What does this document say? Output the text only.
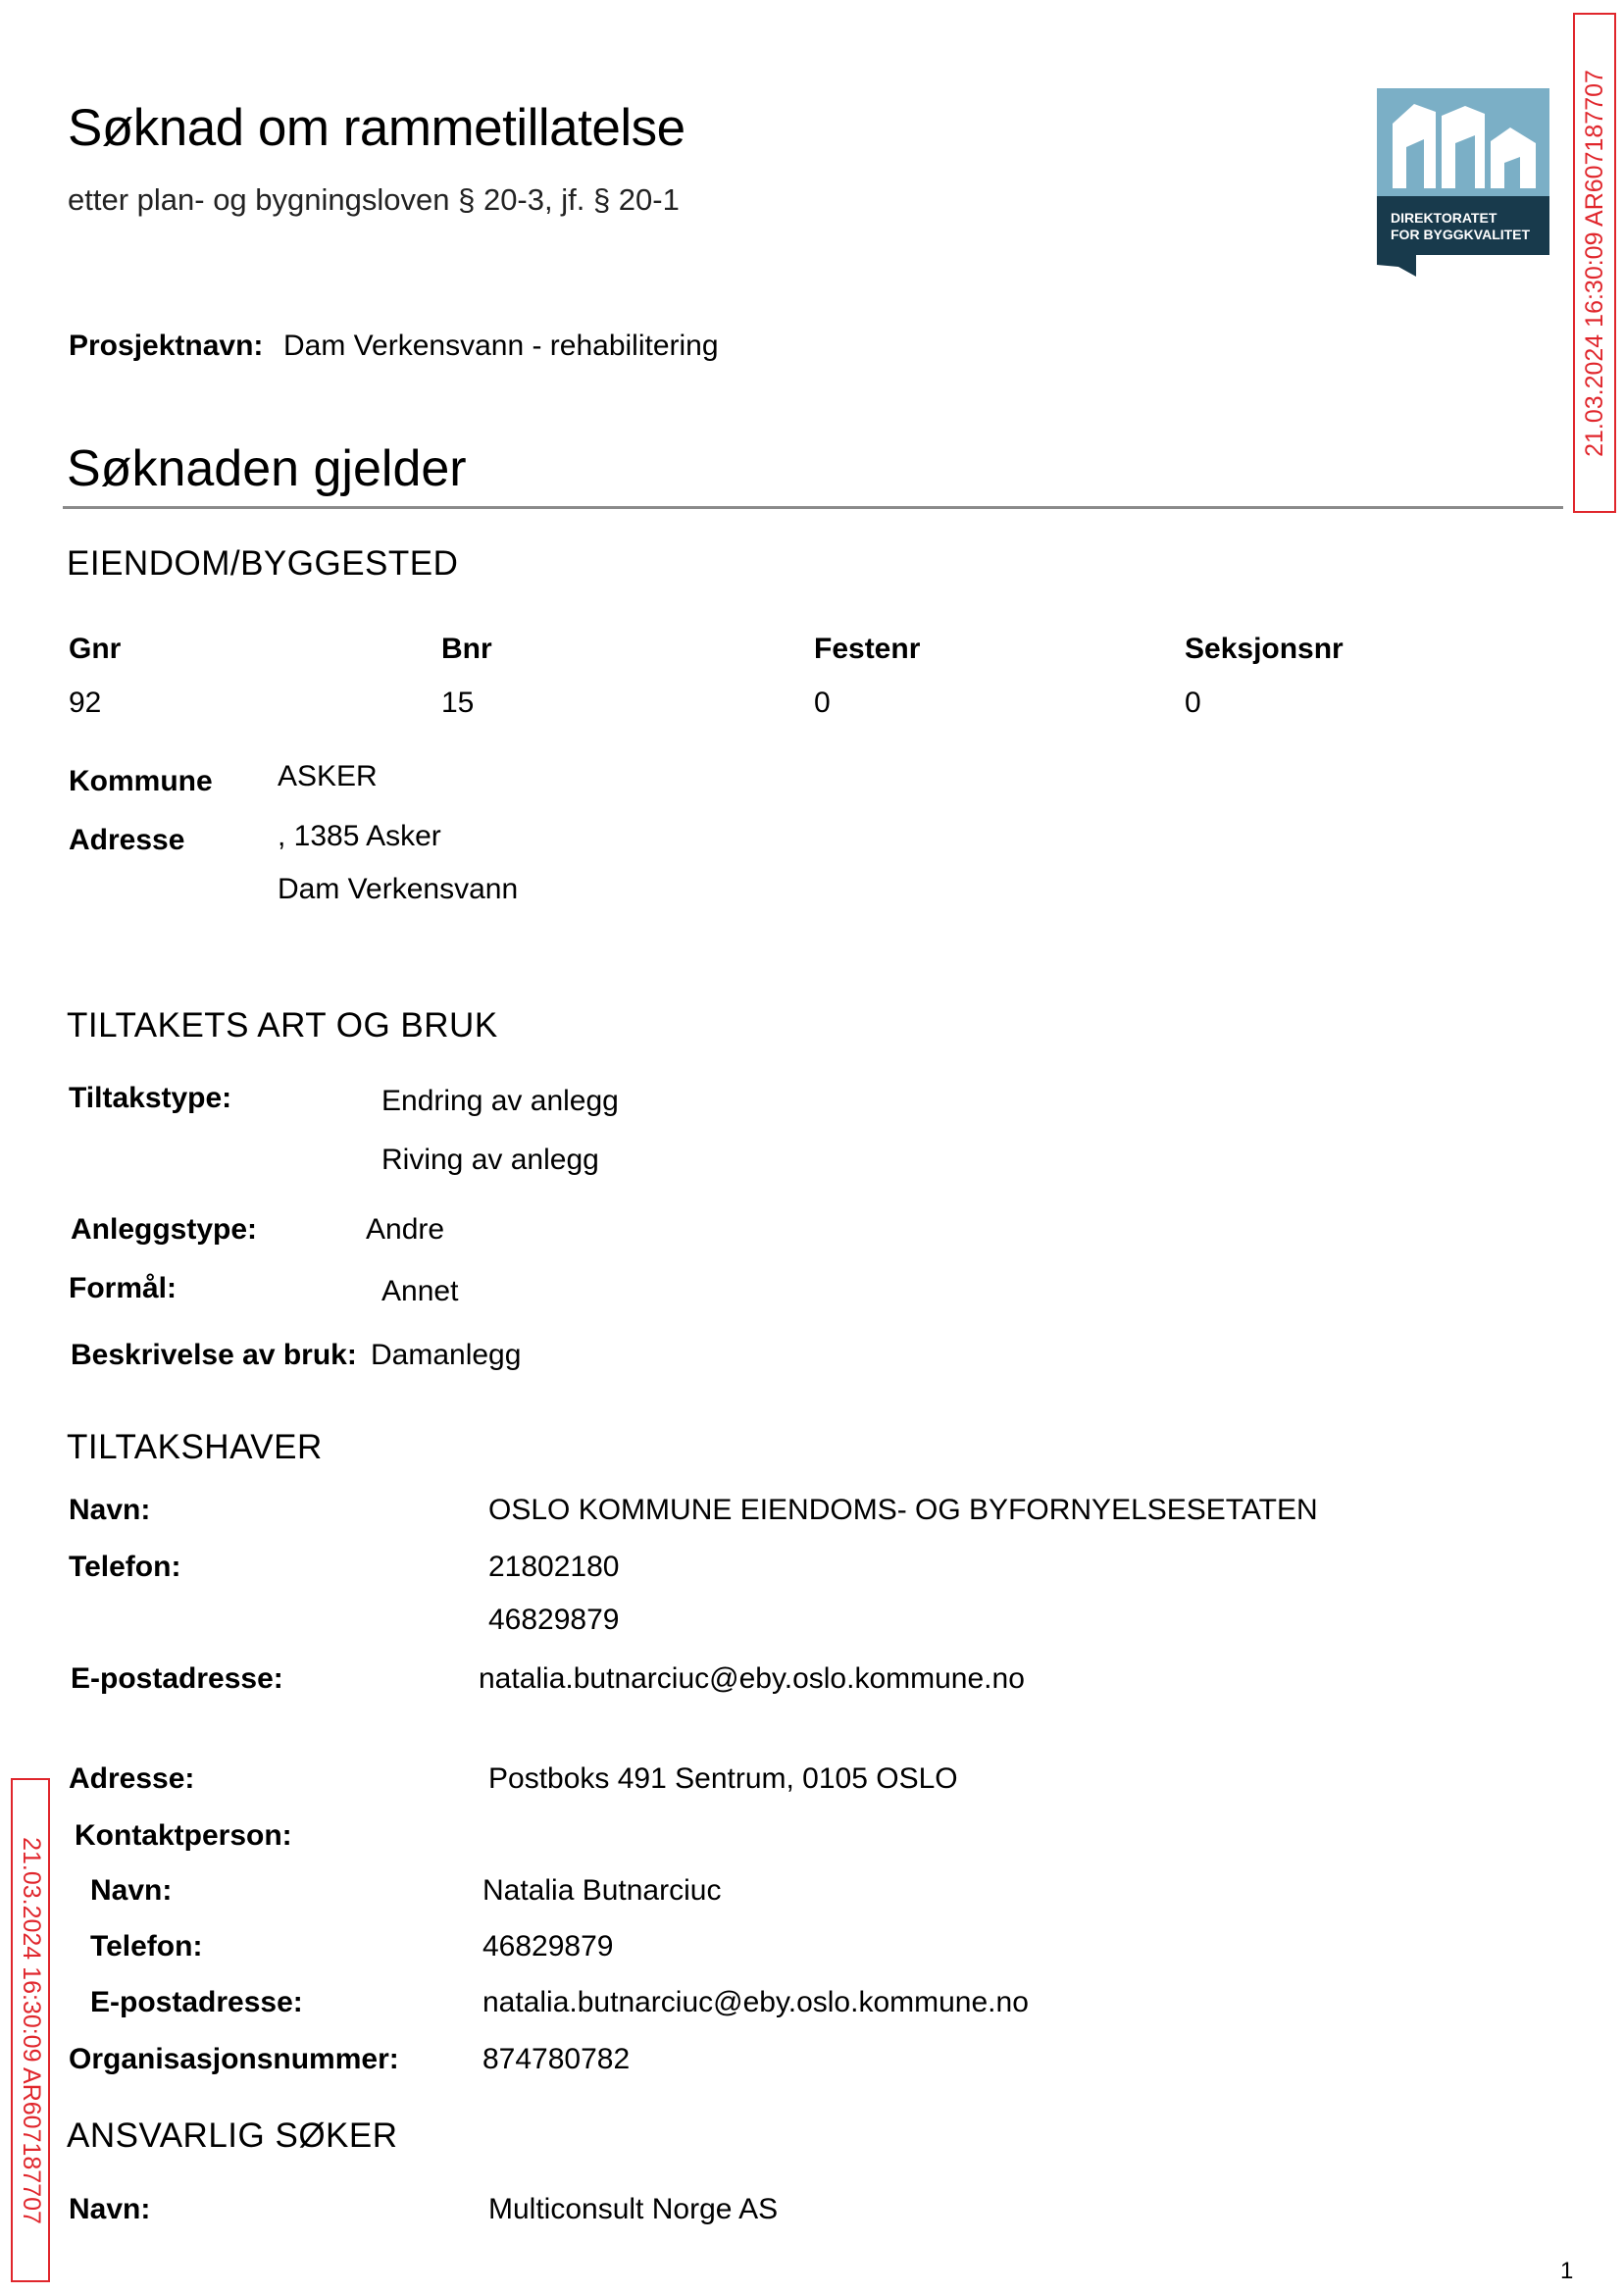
Søknad om rammetillatelse
etter plan- og bygningsloven § 20-3, jf. § 20-1
DIREKTORATET
FOR BYGGKVALITET 21.03.2024 16:30:09 AR607187707
21.03.2024 16:30:09 AR607187707
Prosjektnavn: Dam Verkensvann - rehabilitering
Søknaden gjelder
EIENDOM/BYGGESTED
Gnr	Bnr	Festenr	Seksjonsnr
92	15	0	0
Kommune ASKER
Adresse	, 1385 Asker
Dam Verkensvann
TILTAKETS ART OG BRUK
Tiltakstype:	Endring av anlegg
Riving av anlegg
Anleggstype:	Andre
Formål:	Annet
Beskrivelse av bruk: Damanlegg
TILTAKSHAVER
Navn:	OSLO KOMMUNE EIENDOMS- OG BYFORNYELSESETATEN
Telefon:	21802180
46829879
E-postadresse:	natalia.butnarciuc@eby.oslo.kommune.no
Adresse:	Postboks 491 Sentrum, 0105 OSLO
Kontaktperson:
Navn:	Natalia Butnarciuc
Telefon:	46829879
E-postadresse:	natalia.butnarciuc@eby.oslo.kommune.no
Organisasjonsnummer:	874780782
ANSVARLIG SØKER
Navn:	Multiconsult Norge AS
1
